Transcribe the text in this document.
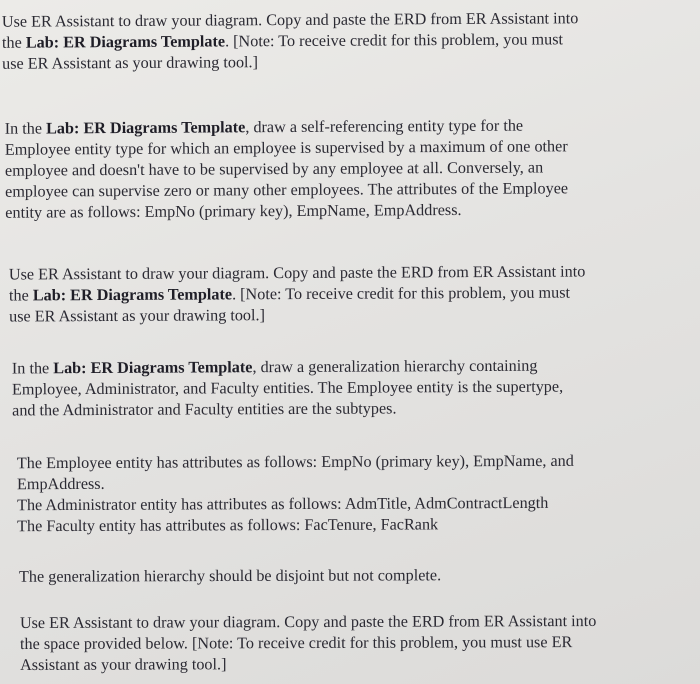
Use ER Assistant to draw your diagram. Copy and paste the ERD from ER Assistant into
the Lab: ER Diagrams Template. [Note: To receive credit for this problem, you must
use ER Assistant as your drawing tool.]
In the Lab: ER Diagrams Template, draw a self-referencing entity type for the
Employee entity type for which an employee is supervised by a maximum of one other
employee and doesn't have to be supervised by any employee at all. Conversely, an
employee can supervise zero or many other employees. The attributes of the Employee
entity are as follows: EmpNo (primary key), EmpName, EmpAddress.
Use ER Assistant to draw your diagram. Copy and paste the ERD from ER Assistant into
the Lab: ER Diagrams Template. [Note: To receive credit for this problem, you must
use ER Assistant as your drawing tool.]
In the Lab: ER Diagrams Template, draw a generalization hierarchy containing
Employee, Administrator, and Faculty entities. The Employee entity is the supertype,
and the Administrator and Faculty entities are the subtypes.
The Employee entity has attributes as follows: EmpNo (primary key), EmpName, and
EmpAddress.
The Administrator entity has attributes as follows: AdmTitle, AdmContractLength
The Faculty entity has attributes as follows: FacTenure, FacRank
The generalization hierarchy should be disjoint but not complete.
Use ER Assistant to draw your diagram. Copy and paste the ERD from ER Assistant into
the space provided below. [Note: To receive credit for this problem, you must use ER
Assistant as your drawing tool.]
